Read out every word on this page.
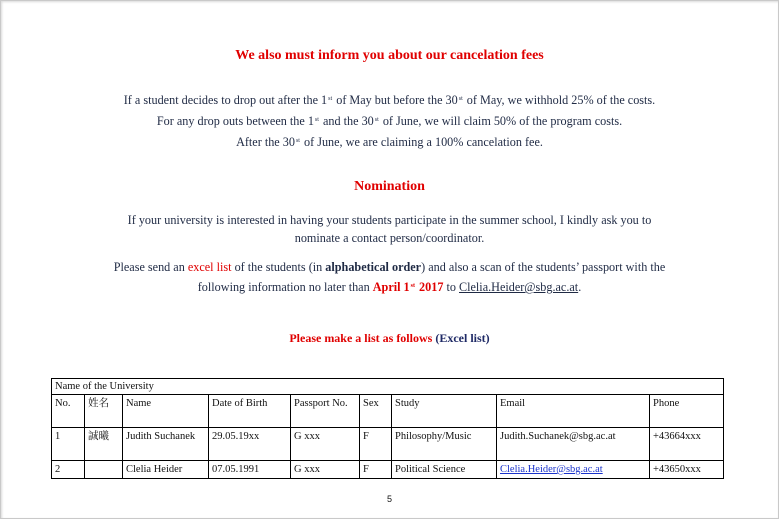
We also must inform you about our cancelation fees
If a student decides to drop out after the 1st of May but before the 30st of May, we withhold 25% of the costs.
For any drop outs between the 1st and the 30st of June, we will claim 50% of the program costs.
After the 30st of June, we are claiming a 100% cancelation fee.
Nomination
If your university is interested in having your students participate in the summer school, I kindly ask you to
nominate a contact person/coordinator.
Please send an excel list of the students (in alphabetical order) and also a scan of the students’ passport with the
following information no later than April 1st 2017 to Clelia.Heider@sbg.ac.at.
Please make a list as follows (Excel list)
Name of the University								
No.	姓名	Name	Date of Birth	Passport No.	Sex	Study	Email	Phone
1	誠曦	Judith Suchanek	29.05.19xx	G xxx	F	Philosophy/Music	Judith.Suchanek@sbg.ac.at	+43664xxx
2		Clelia Heider	07.05.1991	G xxx	F	Political Science	Clelia.Heider@sbg.ac.at	+43650xxx
5
